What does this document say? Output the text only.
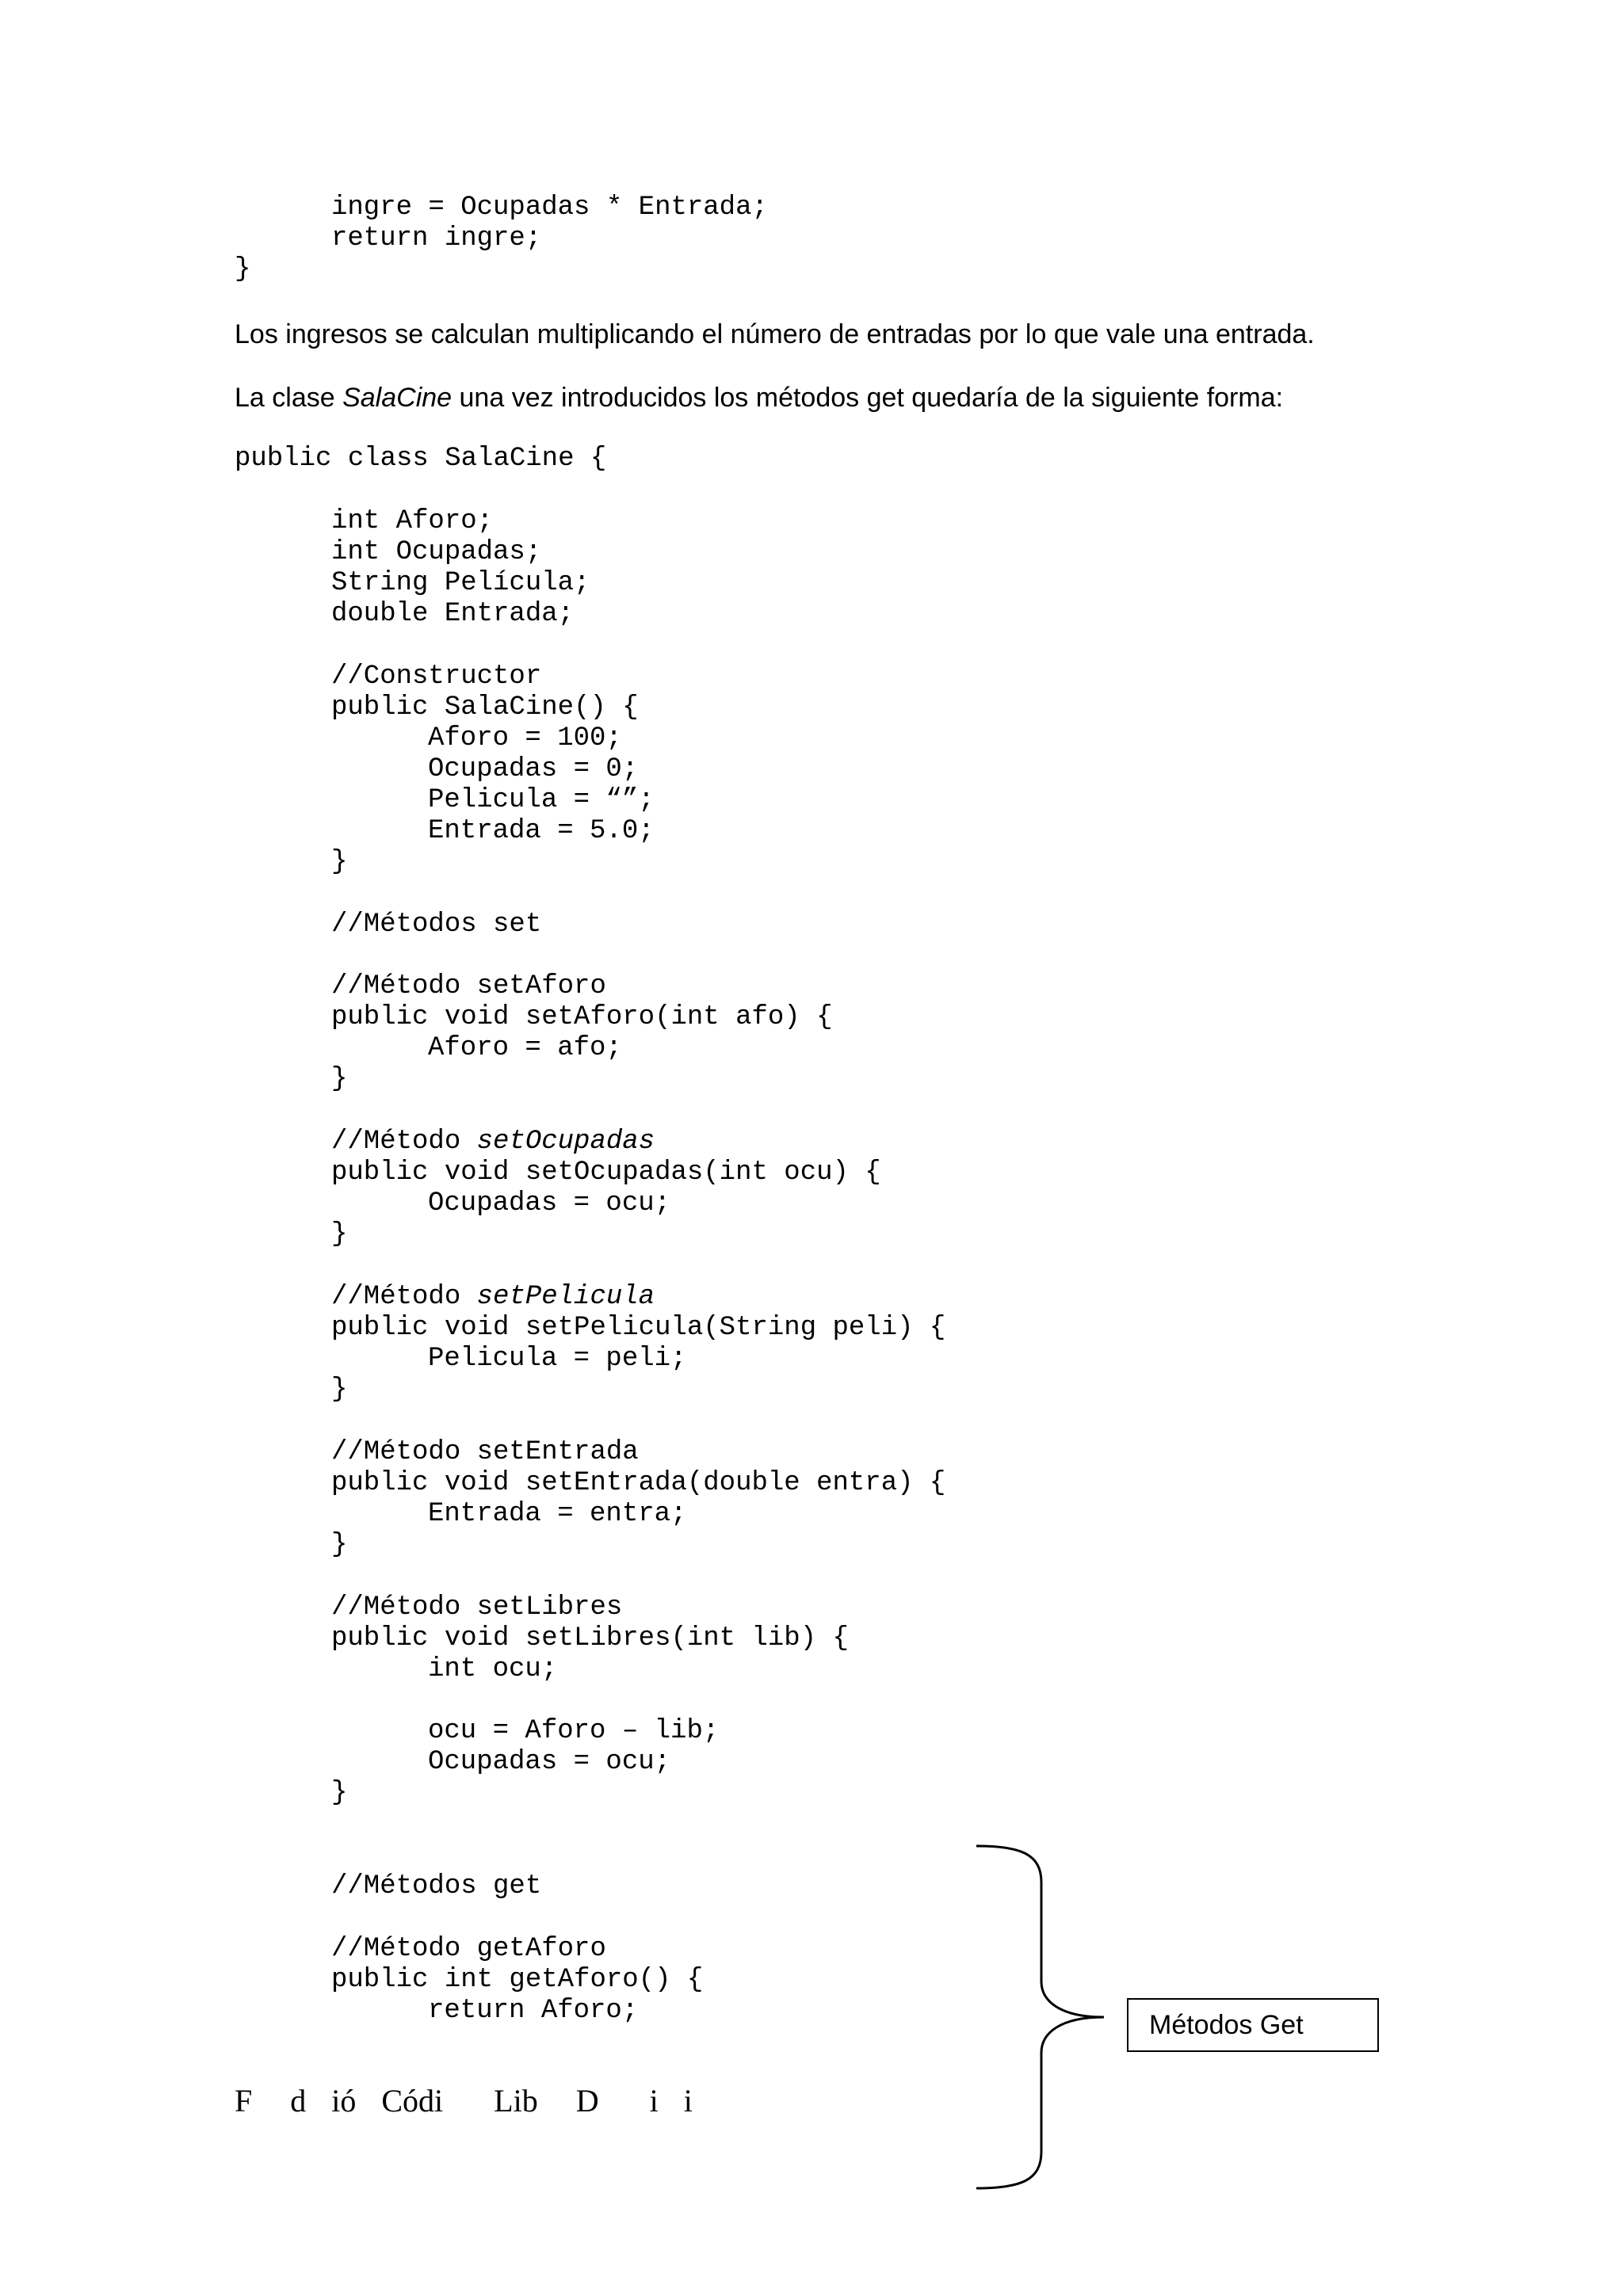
ingre = Ocupadas * Entrada;
return ingre;
}
Los ingresos se calculan multiplicando el número de entradas por lo que vale una entrada.
La clase SalaCine una vez introducidos los métodos get quedaría de la siguiente forma:
public class SalaCine {
int Aforo;
int Ocupadas;
String Película;
double Entrada;
//Constructor
public SalaCine() {
Aforo = 100;
Ocupadas = 0;
Pelicula = “”;
Entrada = 5.0;
}
//Métodos set
//Método setAforo
public void setAforo(int afo) {
Aforo = afo;
}
//Método setOcupadas
public void setOcupadas(int ocu) {
Ocupadas = ocu;
}
//Método setPelicula
public void setPelicula(String peli) {
Pelicula = peli;
}
//Método setEntrada
public void setEntrada(double entra) {
Entrada = entra;
}
//Método setLibres
public void setLibres(int lib) {
int ocu;
ocu = Aforo – lib;
Ocupadas = ocu;
}
//Métodos get
//Método getAforo
public int getAforo() {
return Aforo;	Métodos Get
F   d  ió  Códi    Lib   D    i  i
